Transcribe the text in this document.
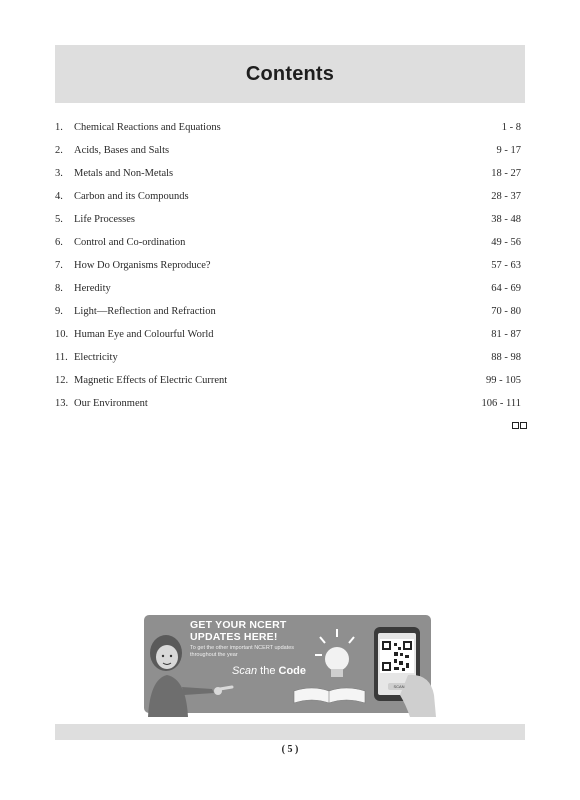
Contents
1. Chemical Reactions and Equations	1 - 8
2. Acids, Bases and Salts	9 - 17
3. Metals and Non-Metals	18 - 27
4. Carbon and its Compounds	28 - 37
5. Life Processes	38 - 48
6. Control and Co-ordination	49 - 56
7. How Do Organisms Reproduce?	57 - 63
8. Heredity	64 - 69
9. Light—Reflection and Refraction	70 - 80
10. Human Eye and Colourful World	81 - 87
11. Electricity	88 - 98
12. Magnetic Effects of Electric Current	99 - 105
13. Our Environment	106 - 111
GET YOUR NCERT
UPDATES HERE!
To get the other important NCERT updates throughout the year
Scan the Code
SCAN
( 5 )
